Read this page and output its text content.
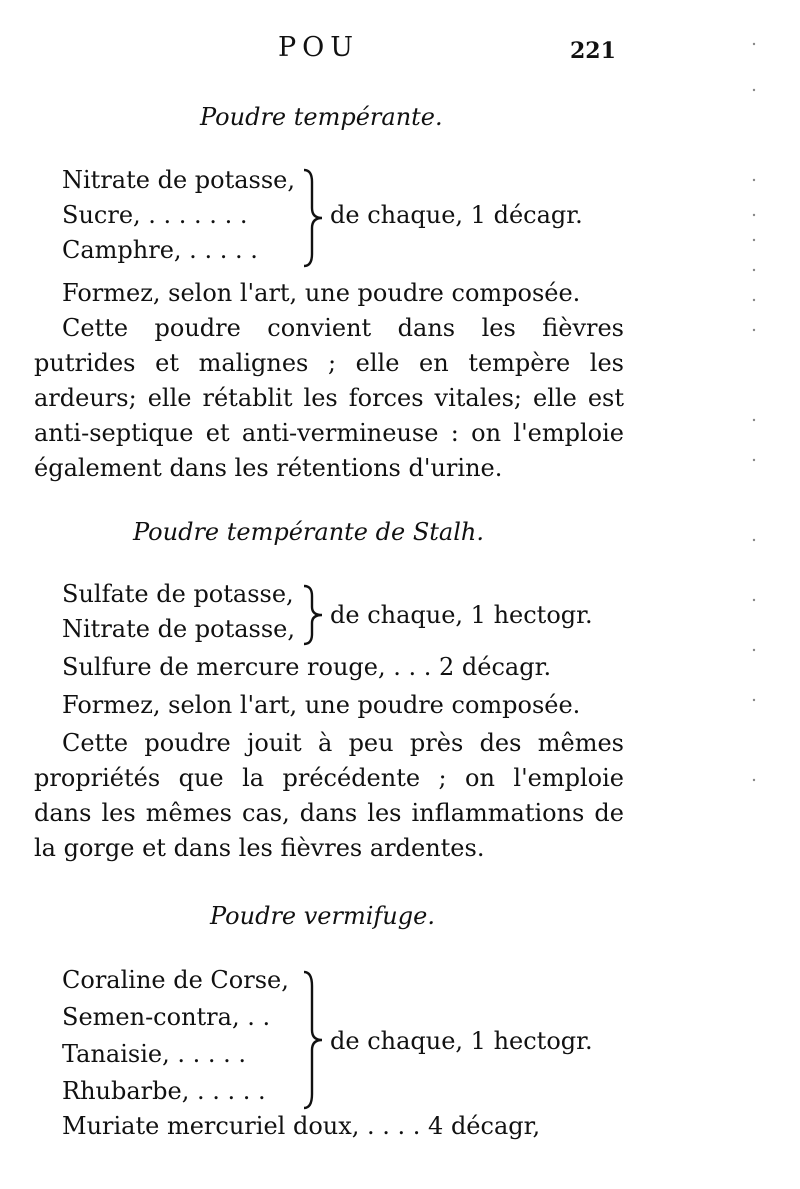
POU	221
Poudre tempérante.
Nitrate de potasse,
Sucre, . . . . . . .
Camphre, . . . . .
de chaque, 1 décagr.
Formez, selon l'art, une poudre composée.
Cette poudre convient dans les fièvres putrides et malignes ; elle en tempère les ardeurs; elle rétablit les forces vitales; elle est anti-septique et anti-vermineuse : on l'emploie également dans les rétentions d'urine.
Poudre tempérante de Stalh.
Sulfate de potasse,
Nitrate de potasse, de chaque, 1 hectogr.
Sulfure de mercure rouge, . . . 2 décagr.
Formez, selon l'art, une poudre composée.
Cette poudre jouit à peu près des mêmes propriétés que la précédente ; on l'emploie dans les mêmes cas, dans les inflammations de la gorge et dans les fièvres ardentes.
Poudre vermifuge.
Coraline de Corse,
Semen-contra, . .
Tanaisie, . . . . .
Rhubarbe, . . . . .
de chaque, 1 hectogr.
Muriate mercuriel doux, . . . . 4 décagr,
